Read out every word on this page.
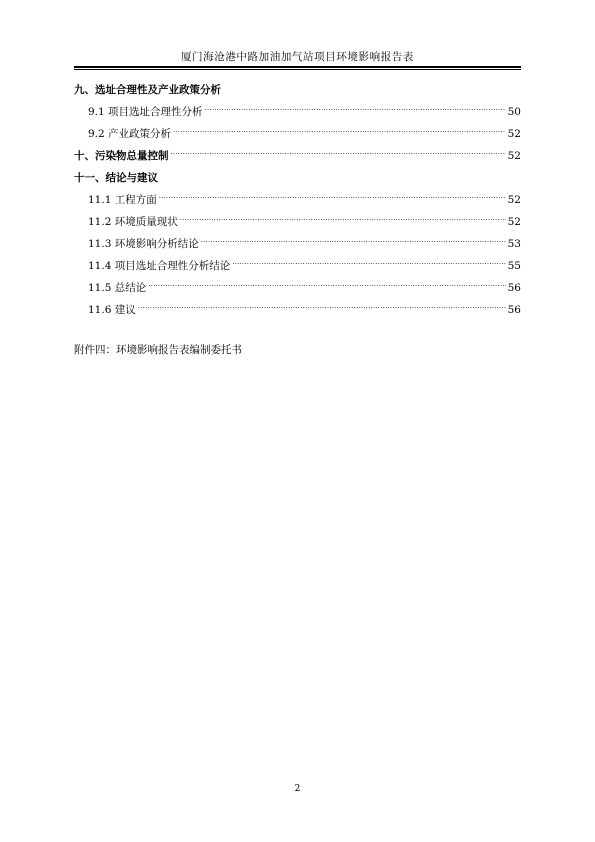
厦门海沧港中路加油加气站项目环境影响报告表
九、选址合理性及产业政策分析
9.1 项目选址合理性分析 ·····	50
9.2 产业政策分析 ·····	52
十、污染物总量控制 ·····	52
十一、结论与建议
11.1 工程方面 ·····	52
11.2 环境质量现状 ·····	52
11.3 环境影响分析结论 ·····	53
11.4 项目选址合理性分析结论 ·····	55
11.5 总结论 ·····	56
11.6 建议 ·····	56
附件四：环境影响报告表编制委托书
2
